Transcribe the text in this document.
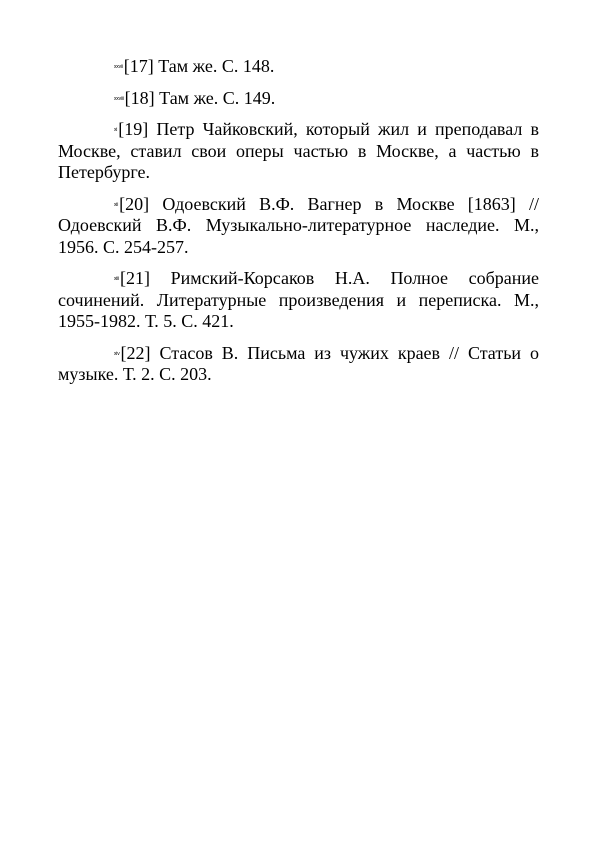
xxvii[17] Там же. С. 148.

xxviii[18] Там же. С. 149.

xi[19] Петр Чайковский, который жил и преподавал в Москве, ставил свои оперы частью в Москве, а частью в Петербурге.

xii[20] Одоевский В.Ф. Вагнер в Москве [1863] // Одоевский В.Ф. Музыкально-литературное наследие. М., 1956. С. 254-257.

xiii[21] Римский-Корсаков Н.А. Полное собрание сочинений. Литературные произведения и переписка. М., 1955-1982. Т. 5. С. 421.

xiv[22] Стасов В. Письма из чужих краев // Статьи о музыке. Т. 2. С. 203.
